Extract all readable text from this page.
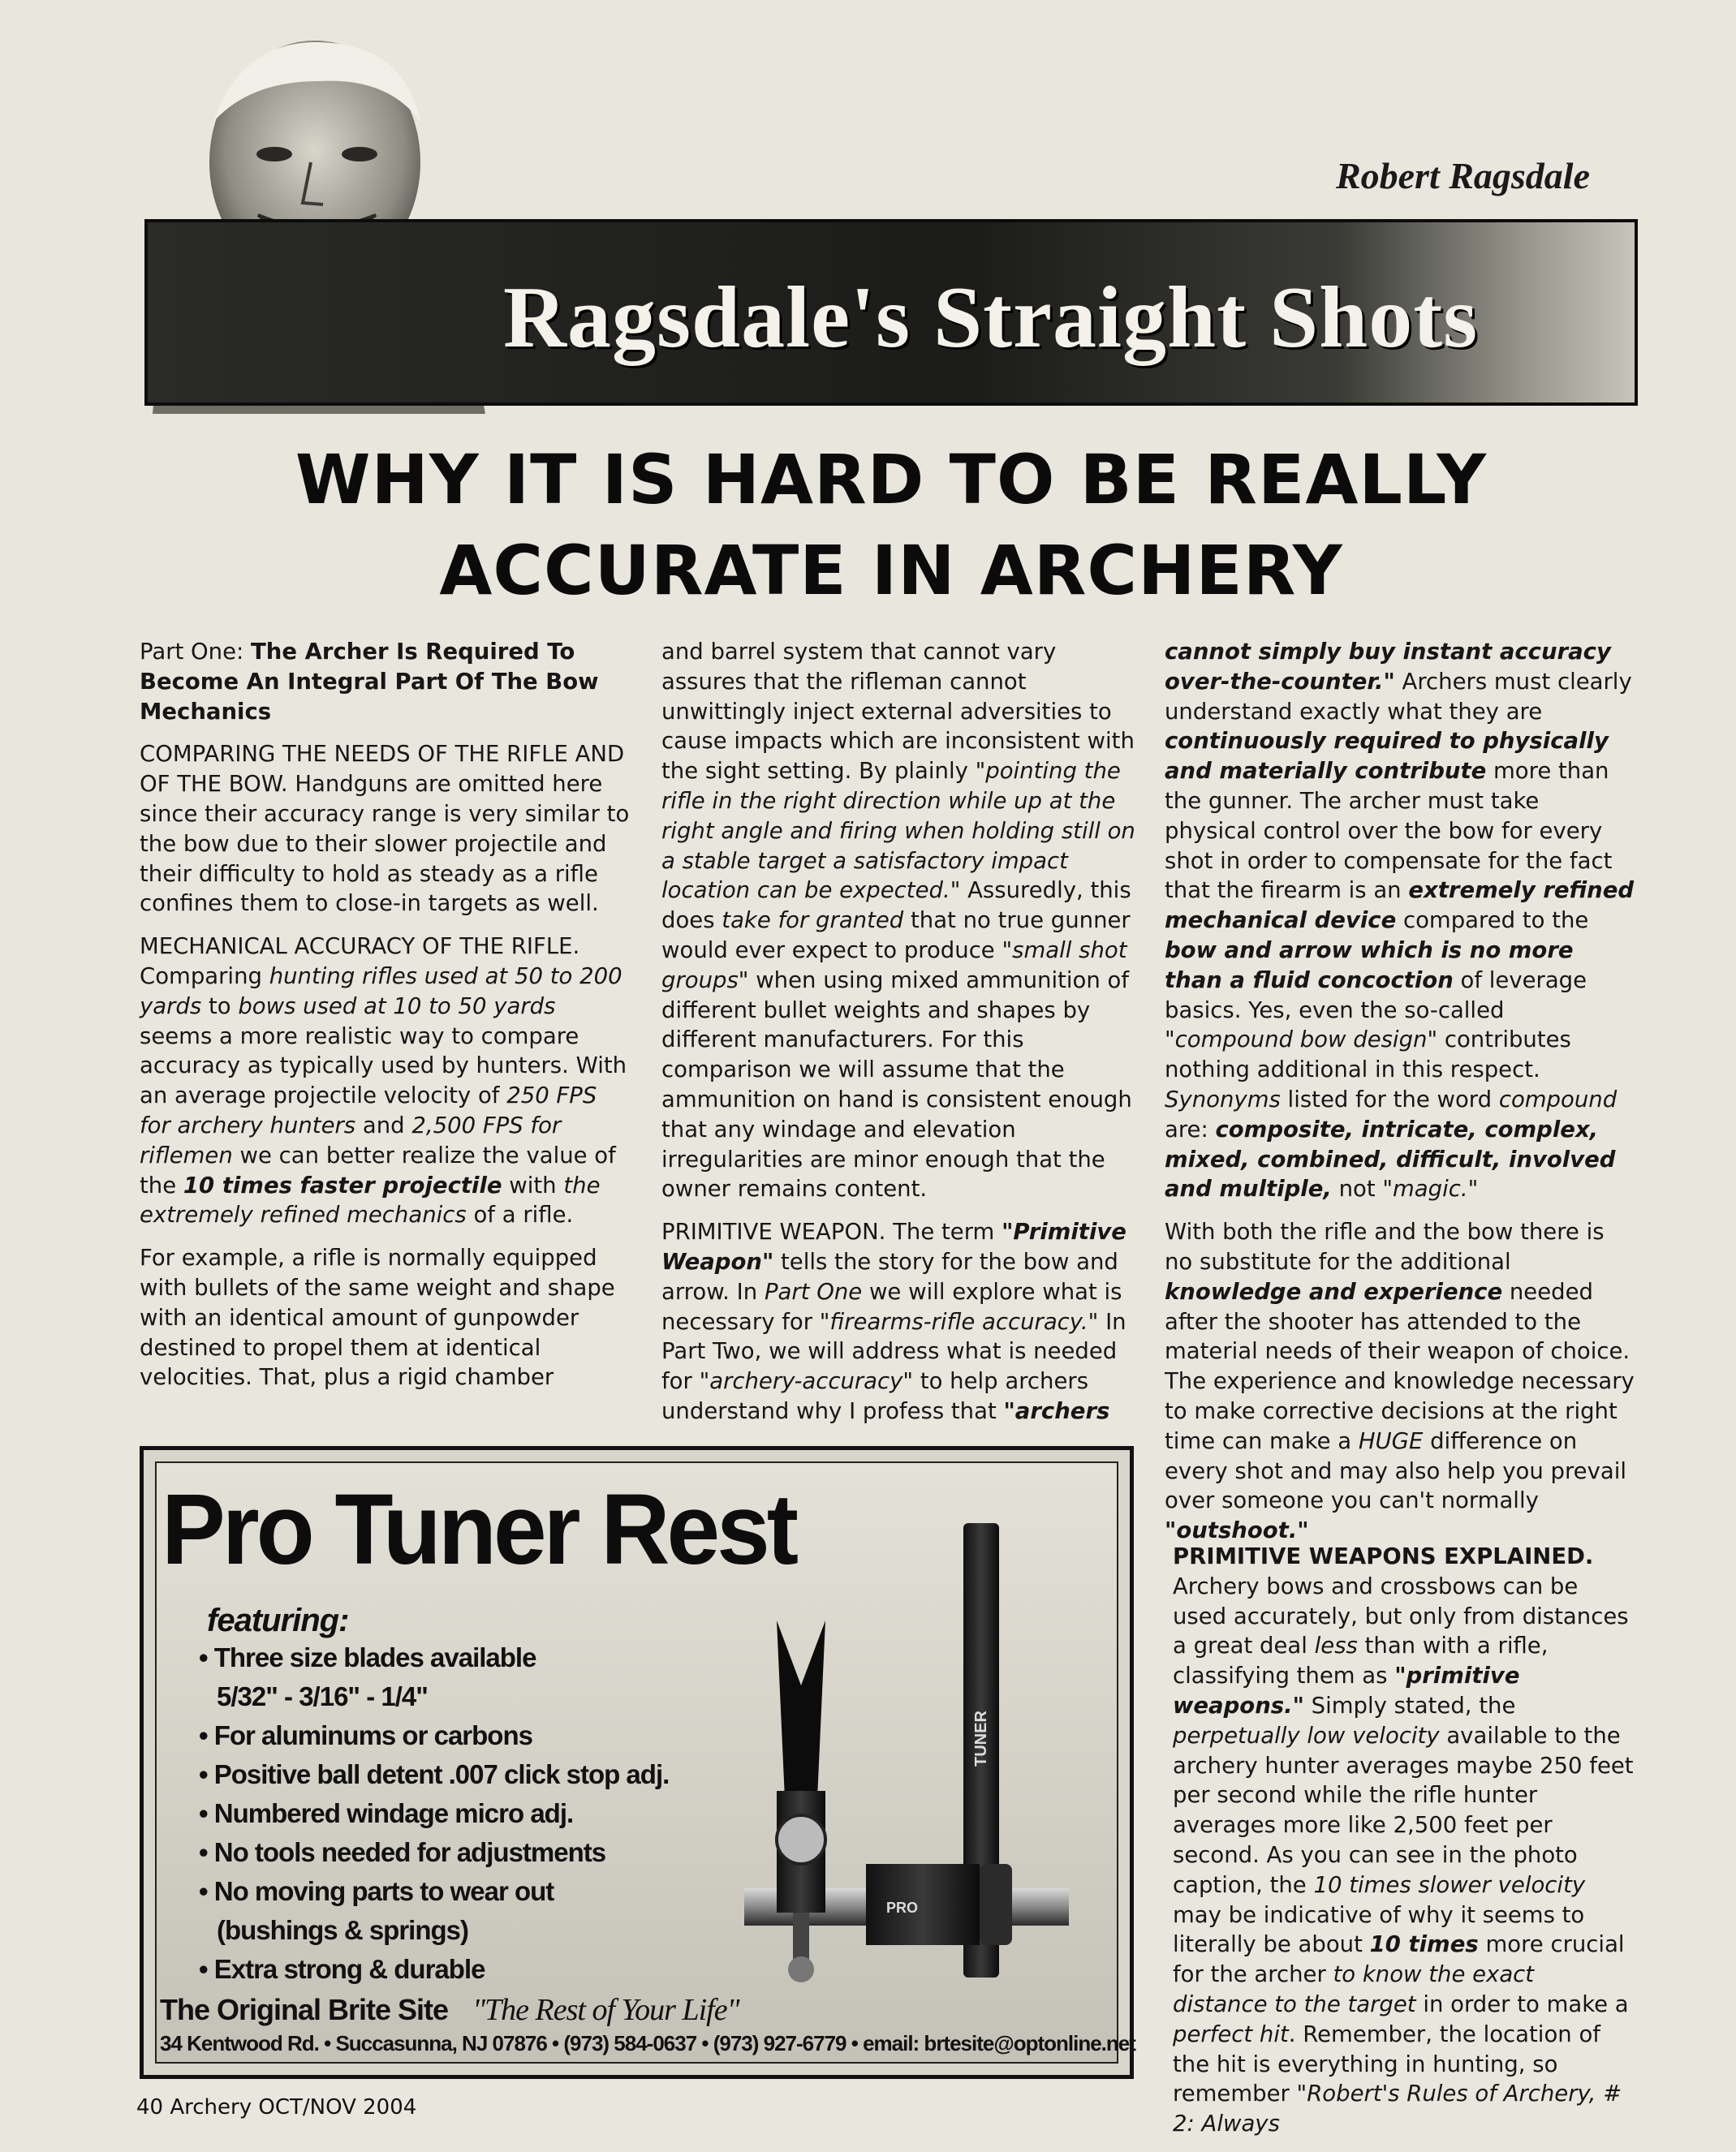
Robert Ragsdale
Ragsdale's Straight Shots
WHY IT IS HARD TO BE REALLY
ACCURATE IN ARCHERY

Part One: The Archer Is Required To Become An Integral Part Of The Bow Mechanics

COMPARING THE NEEDS OF THE RIFLE AND OF THE BOW. Handguns are omitted here since their accuracy range is very similar to the bow due to their slower projectile and their difficulty to hold as steady as a rifle confines them to close-in targets as well.

MECHANICAL ACCURACY OF THE RIFLE. Comparing hunting rifles used at 50 to 200 yards to bows used at 10 to 50 yards seems a more realistic way to compare accuracy as typically used by hunters. With an average projectile velocity of 250 FPS for archery hunters and 2,500 FPS for riflemen we can better realize the value of the 10 times faster projectile with the extremely refined mechanics of a rifle.

For example, a rifle is normally equipped with bullets of the same weight and shape with an identical amount of gunpowder destined to propel them at identical velocities. That, plus a rigid chamber

and barrel system that cannot vary assures that the rifleman cannot unwittingly inject external adversities to cause impacts which are inconsistent with the sight setting. By plainly "pointing the rifle in the right direction while up at the right angle and firing when holding still on a stable target a satisfactory impact location can be expected." Assuredly, this does take for granted that no true gunner would ever expect to produce "small shot groups" when using mixed ammunition of different bullet weights and shapes by different manufacturers. For this comparison we will assume that the ammunition on hand is consistent enough that any windage and elevation irregularities are minor enough that the owner remains content.

PRIMITIVE WEAPON. The term "Primitive Weapon" tells the story for the bow and arrow. In Part One we will explore what is necessary for "firearms-rifle accuracy." In Part Two, we will address what is needed for "archery-accuracy" to help archers understand why I profess that "archers

cannot simply buy instant accuracy over-the-counter." Archers must clearly understand exactly what they are continuously required to physically and materially contribute more than the gunner. The archer must take physical control over the bow for every shot in order to compensate for the fact that the firearm is an extremely refined mechanical device compared to the bow and arrow which is no more than a fluid concoction of leverage basics. Yes, even the so-called "compound bow design" contributes nothing additional in this respect. Synonyms listed for the word compound are: composite, intricate, complex, mixed, combined, difficult, involved and multiple, not "magic."

With both the rifle and the bow there is no substitute for the additional knowledge and experience needed after the shooter has attended to the material needs of their weapon of choice. The experience and knowledge necessary to make corrective decisions at the right time can make a HUGE difference on every shot and may also help you prevail over someone you can't normally "outshoot."

PRIMITIVE WEAPONS EXPLAINED.
Archery bows and crossbows can be used accurately, but only from distances a great deal less than with a rifle, classifying them as "primitive weapons." Simply stated, the perpetually low velocity available to the archery hunter averages maybe 250 feet per second while the rifle hunter averages more like 2,500 feet per second. As you can see in the photo caption, the 10 times slower velocity may be indicative of why it seems to literally be about 10 times more crucial for the archer to know the exact distance to the target in order to make a perfect hit. Remember, the location of the hit is everything in hunting, so remember "Robert's Rules of Archery, # 2: Always

Pro Tuner Rest
featuring:
• Three size blades available
5/32" - 3/16" - 1/4"
• For aluminums or carbons
• Positive ball detent .007 click stop adj.
• Numbered windage micro adj.
• No tools needed for adjustments
• No moving parts to wear out
(bushings & springs)
• Extra strong & durable
TUNER
PRO
The Original Brite Site "The Rest of Your Life"
34 Kentwood Rd. • Succasunna, NJ 07876 • (973) 584-0637 • (973) 927-6779 • email: brtesite@optonline.net
40 Archery OCT/NOV 2004
